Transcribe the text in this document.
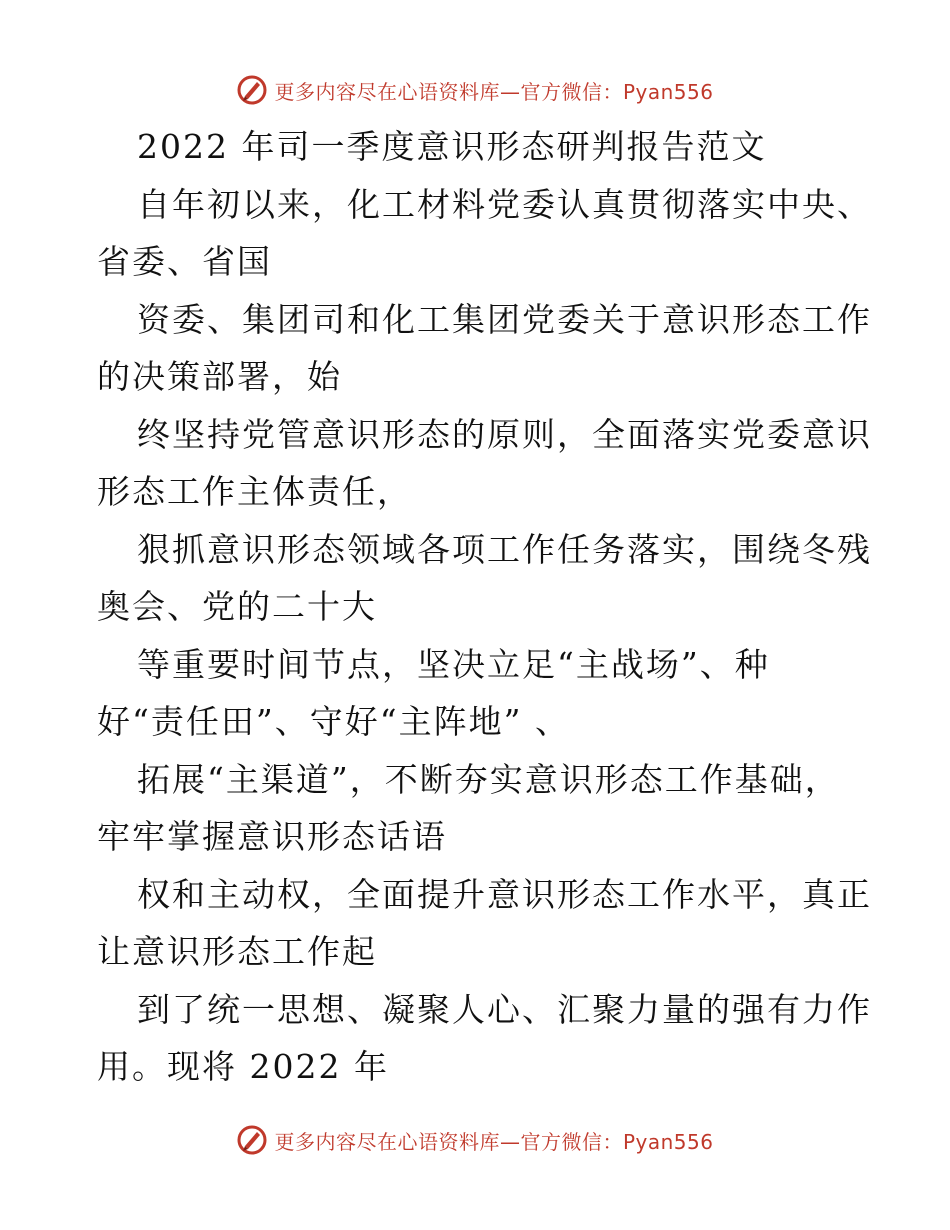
更多内容尽在心语资料库—官方微信：Pyan556
2022 年司一季度意识形态研判报告范文
自年初以来，化工材料党委认真贯彻落实中央、
省委、省国
资委、集团司和化工集团党委关于意识形态工作
的决策部署，始
终坚持党管意识形态的原则，全面落实党委意识
形态工作主体责任，
狠抓意识形态领域各项工作任务落实，围绕冬残
奥会、党的二十大
等重要时间节点，坚决立足“主战场”、种
好“责任田”、守好“主阵地” 、
拓展“主渠道”，不断夯实意识形态工作基础，
牢牢掌握意识形态话语
权和主动权，全面提升意识形态工作水平，真正
让意识形态工作起
到了统一思想、凝聚人心、汇聚力量的强有力作
用。现将 2022 年
更多内容尽在心语资料库—官方微信：Pyan556
